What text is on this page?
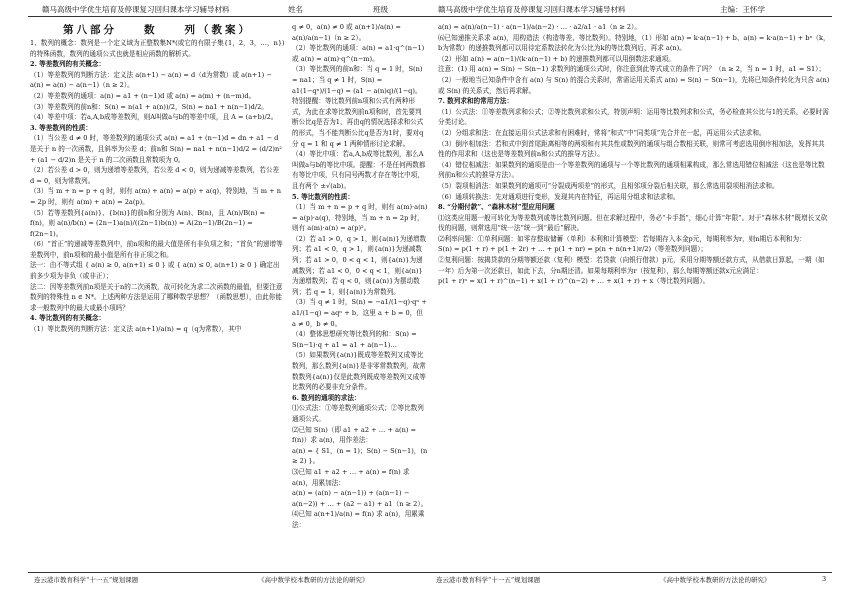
赣马高级中学优生培育及停课复习回归课本学习辅导材料	姓名	班级	赣马高级中学优生培育及停课复习回归课本学习辅导材料	主编：王怀学

第八部分　　数　　列（教案）

1、数列的概念：数列是一个定义域为正整数集N*(或它的有限子集{1，2，3，…，n})的特殊函数，数列的通项公式也就是相应函数的解析式。

2. 等差数列的有关概念：

（1）等差数列的判断方法：定义法 a(n+1) − a(n) = d（d为常数）或 a(n+1) − a(n) = a(n) − a(n−1)（n ≥ 2）。

（2）等差数列的通项：a(n) = a1 + (n−1)d 或 a(n) = a(m) + (n−m)d。

（3）等差数列的前n和：S(n) = n(a1 + a(n))/2，S(n) = na1 + n(n−1)d/2。

（4）等差中项：若a,A,b成等差数列，则A叫做a与b的等差中项，且 A = (a+b)/2。

3. 等差数列的性质：

（1）当公差 d ≠ 0 时，等差数列的通项公式 a(n) = a1 + (n−1)d = dn + a1 − d 是关于 n 的一次函数，且斜率为公差 d；前n和 S(n) = na1 + n(n−1)d/2 = (d/2)n² + (a1 − d/2)n 是关于 n 的二次函数且常数项为 0。

（2）若公差 d > 0，则为递增等差数列，若公差 d < 0，则为递减等差数列，若公差 d = 0，则为常数列。

（3）当 m + n = p + q 时，则有 a(m) + a(n) = a(p) + a(q)，特别地，当 m + n = 2p 时，则有 a(m) + a(n) = 2a(p)。

（5）若等差数列{a(n)}、{b(n)}的前n和分别为 A(n)、B(n)，且 A(n)/B(n) = f(n)，则 a(n)/b(n) = (2n−1)a(n)/((2n−1)b(n)) = A(2n−1)/B(2n−1) = f(2n−1)。

（6）“首正”的递减等差数列中，前n项和的最大值是所有非负项之和；“首负”的递增等差数列中，前n项和的最小值是所有非正项之和。

法一：由不等式组 { a(n) ≥ 0, a(n+1) ≤ 0 } 或 { a(n) ≤ 0, a(n+1) ≥ 0 } 确定出前多少项为非负（或非正）；

法二：因等差数列前n项是关于n的二次函数，故可转化为求二次函数的最值，但要注意数列的特殊性 n ∈ N*。上述两种方法是运用了哪种数学思想？（函数思想），由此你能求一般数列中的最大或最小项吗？

4. 等比数列的有关概念：

（1）等比数列的判断方法：定义法 a(n+1)/a(n) = q（q为常数），其中

q ≠ 0，a(n) ≠ 0 或 a(n+1)/a(n) = a(n)/a(n−1)（n ≥ 2）。

（2）等比数列的通项：a(n) = a1·q^(n−1) 或 a(n) = a(m)·q^(n−m)。

（3）等比数列的前n和：当 q = 1 时，S(n) = na1；当 q ≠ 1 时，S(n) = a1(1−qⁿ)/(1−q) = (a1 − a(n)q)/(1−q)。

特别提醒：等比数列前n项和公式有两种形式，为此在求等比数列前n项和时，首先要判断公比q是否为1，再由q的情况选择求和公式的形式，当不能判断公比q是否为1时，要对q分 q = 1 和 q ≠ 1 两种情形讨论求解。

（4）等比中项：若a,A,b成等比数列，那么A叫做a与b的等比中项。提醒：不是任何两数都有等比中项，只有同号两数才存在等比中项，且有两个 ±√(ab)。

5. 等比数列的性质：

（1）当 m + n = p + q 时，则有 a(m)·a(n) = a(p)·a(q)，特别地，当 m + n = 2p 时，则有 a(m)·a(n) = a(p)²。

（2）若 a1 > 0，q > 1，则{a(n)}为递增数列；若 a1 < 0，q > 1，则{a(n)}为递减数列；若 a1 > 0，0 < q < 1，则{a(n)}为递减数列；若 a1 < 0，0 < q < 1，则{a(n)}为递增数列；若 q < 0，则{a(n)}为摆动数列；若 q = 1，则{a(n)}为常数列。

（3）当 q ≠ 1 时，S(n) = −a1/(1−q)·qⁿ + a1/(1−q) = aqⁿ + b，这里 a + b = 0，但 a ≠ 0，b ≠ 0。

（4）整体思想研究等比数列的和：S(n) = S(n−1)·q + a1 = a1 + a(n−1)…

（5）如果数列{a(n)}既成等差数列又成等比数列，那么数列{a(n)}是非零常数数列，故常数数列{a(n)}仅是此数列既成等差数列又成等比数列的必要非充分条件。

6. 数列的通项的求法：

⑴公式法：①等差数列通项公式；②等比数列通项公式。

⑵已知 S(n)（即 a1 + a2 + … + a(n) = f(n)）求 a(n)，用作差法：

a(n) = { S1，(n = 1)；S(n) − S(n−1)，(n ≥ 2) }。

⑶已知 a1 + a2 + … + a(n) = f(n) 求 a(n)，用累加法：

a(n) = (a(n) − a(n−1)) + (a(n−1) − a(n−2)) + … + (a2 − a1) + a1（n ≥ 2）。

⑷已知 a(n+1)/a(n) = f(n) 求 a(n)，用累乘法：

a(n) = a(n)/a(n−1) · a(n−1)/a(n−2) · … · a2/a1 · a1（n ≥ 2）。

⑹已知递推关系求 a(n)，用构造法（构造等差、等比数列）。特别地，（1）形如 a(n) = k·a(n−1) + b、a(n) = k·a(n−1) + bⁿ（k，b为常数）的递推数列都可以用待定系数法转化为公比为k的等比数列后，再求 a(n)。

（2）形如 a(n) = a(n−1)/(k·a(n−1) + b) 的递推数列都可以用倒数法求通项。

注意：(1) 用 a(n) = S(n) − S(n−1) 求数列的通项公式时，你注意到此等式成立的条件了吗？（n ≥ 2，当 n = 1 时，a1 = S1）；

（2）一般地当已知条件中含有 a(n) 与 S(n) 的混合关系时，常需运用关系式 a(n) = S(n) − S(n−1)，先将已知条件转化为只含 a(n) 或 S(n) 的关系式，然后再求解。

7. 数列求和的常用方法：

（1）公式法：①等差数列求和公式；②等比数列求和公式，特别声明：运用等比数列求和公式，务必检查其公比与1的关系，必要时需分类讨论。

（2）分组求和法：在直接运用公式法求和有困难时，常将“和式”中“同类项”先合并在一起，再运用公式法求和。

（3）倒序相加法：若和式中到首尾距离相等的两项和有其共性或数列的通项与组合数相关联，则常可考虑选用倒序相加法，发挥其共性的作用求和（这也是等差数列前n和公式的推导方法）。

（4）错位相减法：如果数列的通项是由一个等差数列的通项与一个等比数列的通项相乘构成，那么常选用错位相减法（这也是等比数列前n和公式的推导方法）。

（5）裂项相消法：如果数列的通项可“分裂成两项差”的形式，且相邻项分裂后相关联，那么常选用裂项相消法求和。

（6）通项转换法：先对通项进行变形，发现其内在特征，再运用分组求和法求和。

8. “分期付款”、“森林木材”型应用问题

⑴这类应用题一般可转化为等差数列或等比数列问题。但在求解过程中，务必“卡手指”，细心计算“年限”。对于“森林木材”既增长又砍伐的问题，则常选用“统一法”统一到“最后”解决。

⑵利率问题：①单利问题：如零存整取储蓄（单利）本利和计算模型：若每期存入本金p元，每期利率为r，则n期后本利和为：

S(n) = p(1 + r) + p(1 + 2r) + … + p(1 + nr) = p(n + n(n+1)r/2)（等差数列问题）；

②复利问题：按揭贷款的分期等额还款（复利）模型：若贷款（向银行借款）p元，采用分期等额还款方式，从借款日算起，一期（如一年）后为第一次还款日，如此下去，分n期还清。如果每期利率为r（按复利），那么每期等额还款x元应满足：

p(1 + r)ⁿ = x(1 + r)^(n−1) + x(1 + r)^(n−2) + … + x(1 + r) + x（等比数列问题）。

连云港市教育科学“十一五”规划课题	《高中数学校本教研的方法论的研究》	连云港市教育科学“十一五”规划课题	《高中数学校本教研的方法论的研究》	3
